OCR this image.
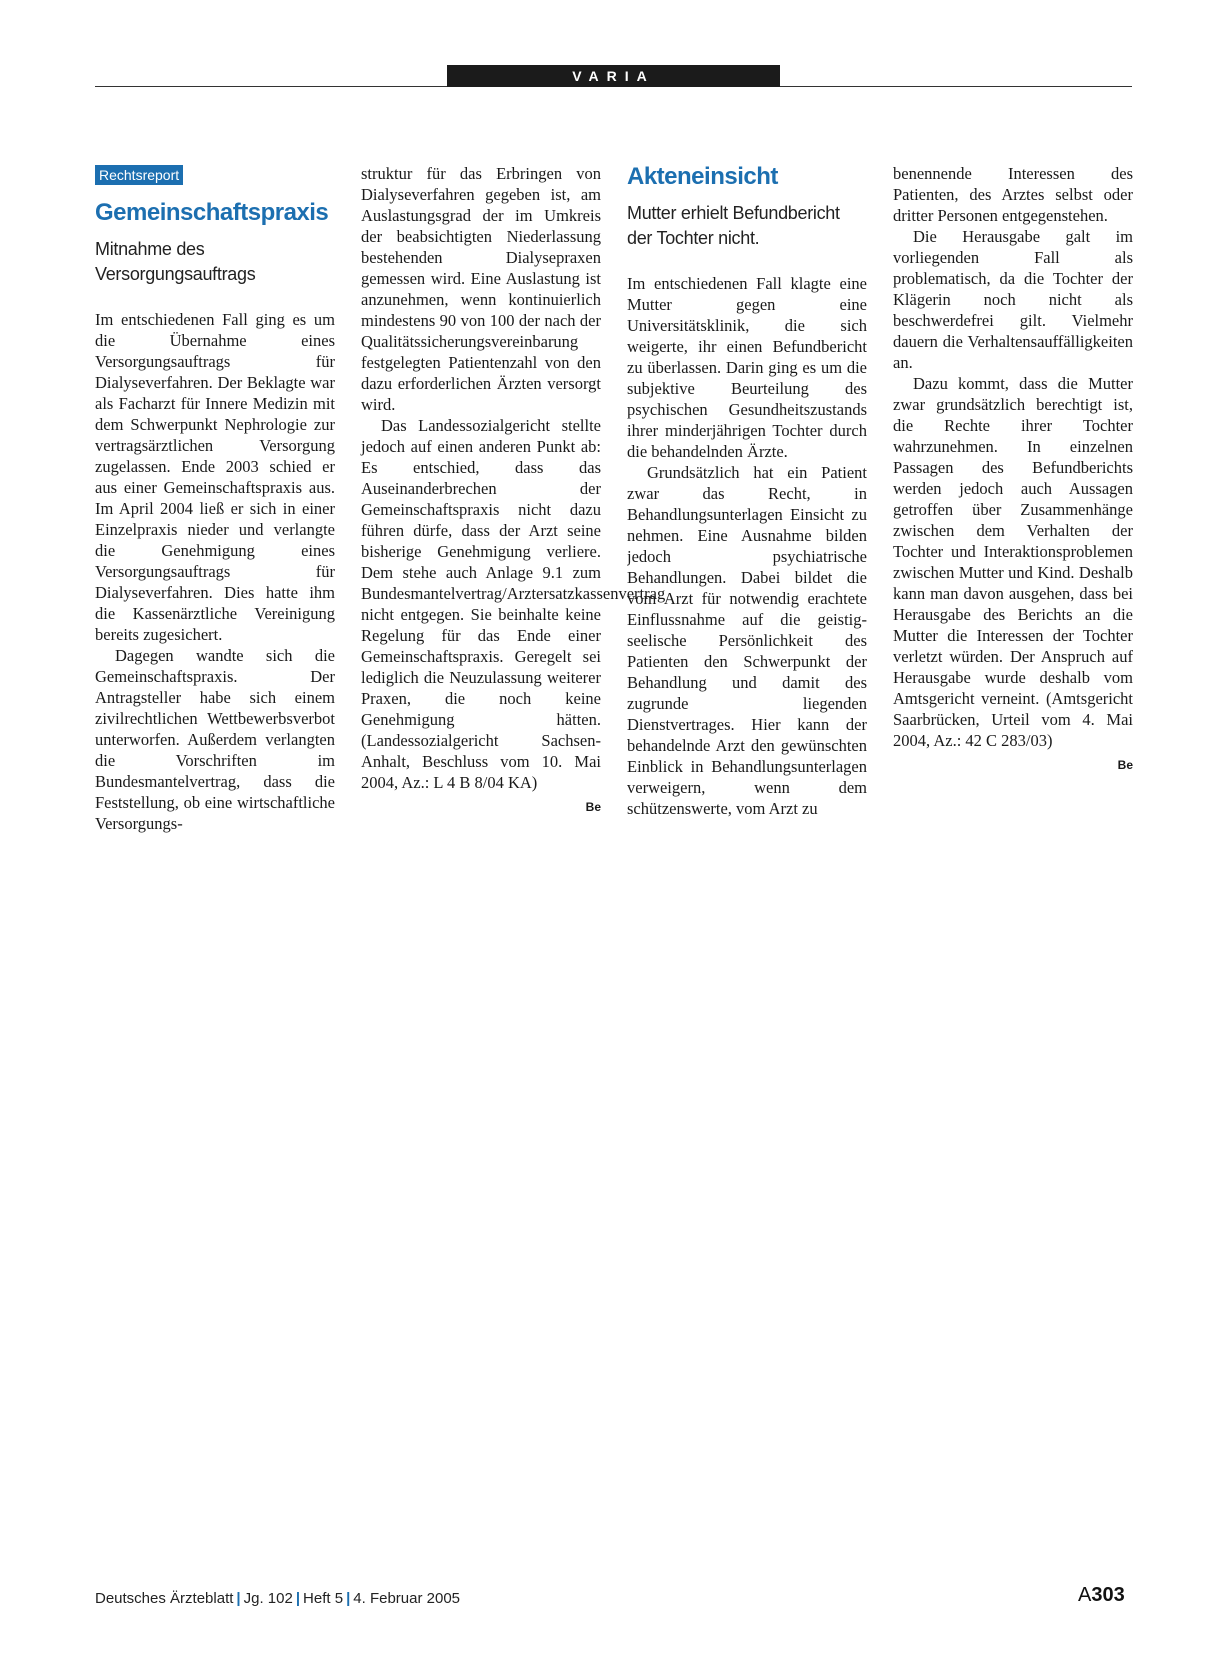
VARIA
Rechtsreport
Gemeinschaftspraxis
Mitnahme des Versorgungsauftrags

Im entschiedenen Fall ging es um die Übernahme eines Versorgungsauftrags für Dialyseverfahren. Der Beklagte war als Facharzt für Innere Medizin mit dem Schwerpunkt Nephrologie zur vertragsärztlichen Versorgung zugelassen. Ende 2003 schied er aus einer Gemeinschaftspraxis aus. Im April 2004 ließ er sich in einer Einzelpraxis nieder und verlangte die Genehmigung eines Versorgungsauftrags für Dialyseverfahren. Dies hatte ihm die Kassenärztliche Vereinigung bereits zugesichert.

Dagegen wandte sich die Gemeinschaftspraxis. Der Antragsteller habe sich einem zivilrechtlichen Wettbewerbsverbot unterworfen. Außerdem verlangten die Vorschriften im Bundesmantelvertrag, dass die Feststellung, ob eine wirtschaftliche Versorgungs-

struktur für das Erbringen von Dialyseverfahren gegeben ist, am Auslastungsgrad der im Umkreis der beabsichtigten Niederlassung bestehenden Dialysepraxen gemessen wird. Eine Auslastung ist anzunehmen, wenn kontinuierlich mindestens 90 von 100 der nach der Qualitätssicherungsvereinbarung festgelegten Patientenzahl von den dazu erforderlichen Ärzten versorgt wird.

Das Landessozialgericht stellte jedoch auf einen anderen Punkt ab: Es entschied, dass das Auseinanderbrechen der Gemeinschaftspraxis nicht dazu führen dürfe, dass der Arzt seine bisherige Genehmigung verliere. Dem stehe auch Anlage 9.1 zum Bundesmantelvertrag/Arztersatzkassenvertrag nicht entgegen. Sie beinhalte keine Regelung für das Ende einer Gemeinschaftspraxis. Geregelt sei lediglich die Neuzulassung weiterer Praxen, die noch keine Genehmigung hätten. (Landessozialgericht Sachsen-Anhalt, Beschluss vom 10. Mai 2004, Az.: L 4 B 8/04 KA)

Be
Akteneinsicht
Mutter erhielt Befundbericht der Tochter nicht.

Im entschiedenen Fall klagte eine Mutter gegen eine Universitätsklinik, die sich weigerte, ihr einen Befundbericht zu überlassen. Darin ging es um die subjektive Beurteilung des psychischen Gesundheitszustands ihrer minderjährigen Tochter durch die behandelnden Ärzte.

Grundsätzlich hat ein Patient zwar das Recht, in Behandlungsunterlagen Einsicht zu nehmen. Eine Ausnahme bilden jedoch psychiatrische Behandlungen. Dabei bildet die vom Arzt für notwendig erachtete Einflussnahme auf die geistig-seelische Persönlichkeit des Patienten den Schwerpunkt der Behandlung und damit des zugrunde liegenden Dienstvertrages. Hier kann der behandelnde Arzt den gewünschten Einblick in Behandlungsunterlagen verweigern, wenn dem schützenswerte, vom Arzt zu

benennende Interessen des Patienten, des Arztes selbst oder dritter Personen entgegenstehen.

Die Herausgabe galt im vorliegenden Fall als problematisch, da die Tochter der Klägerin noch nicht als beschwerdefrei gilt. Vielmehr dauern die Verhaltensauffälligkeiten an.

Dazu kommt, dass die Mutter zwar grundsätzlich berechtigt ist, die Rechte ihrer Tochter wahrzunehmen. In einzelnen Passagen des Befundberichts werden jedoch auch Aussagen getroffen über Zusammenhänge zwischen dem Verhalten der Tochter und Interaktionsproblemen zwischen Mutter und Kind. Deshalb kann man davon ausgehen, dass bei Herausgabe des Berichts an die Mutter die Interessen der Tochter verletzt würden. Der Anspruch auf Herausgabe wurde deshalb vom Amtsgericht verneint. (Amtsgericht Saarbrücken, Urteil vom 4. Mai 2004, Az.: 42 C 283/03)

Be
Deutsches Ärzteblatt | Jg. 102 | Heft 5 | 4. Februar 2005	A303
